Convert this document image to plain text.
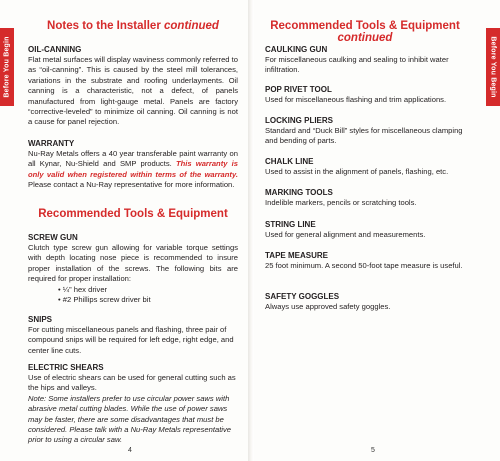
Before You Begin	Before You Begin
Notes to the Installer continued

OIL-CANNING

Flat metal surfaces will display waviness commonly referred to as “oil-canning”. This is caused by the steel mill tolerances, variations in the substrate and roofing underlayments. Oil canning is a characteristic, not a defect, of panels manufactured from light-gauge metal. Panels are factory “corrective-leveled” to minimize oil canning. Oil canning is not a cause for panel rejection.

WARRANTY

Nu-Ray Metals offers a 40 year transferable paint warranty on all Kynar, Nu-Shield and SMP products. This warranty is only valid when registered within terms of the warranty. Please contact a Nu-Ray representative for more information.

Recommended Tools & Equipment

SCREW GUN

Clutch type screw gun allowing for variable torque settings with depth locating nose piece is recommended to insure proper installation of the screws. The following bits are required for proper installation:

• ¼” hex driver

• #2 Phillips screw driver bit

SNIPS

For cutting miscellaneous panels and flashing, three pair of compound snips will be required for left edge, right edge, and center line cuts.

ELECTRIC SHEARS

Use of electric shears can be used for general cutting such as the hips and valleys.

Note: Some installers prefer to use circular power saws with abrasive metal cutting blades. While the use of power saws may be faster, there are some disadvantages that must be considered. Please talk with a Nu-Ray Metals representative prior to using a circular saw.

4
Recommended Tools & Equipment continued

CAULKING GUN

For miscellaneous caulking and sealing to inhibit water infiltration.

POP RIVET TOOL

Used for miscellaneous flashing and trim applications.

LOCKING PLIERS

Standard and “Duck Bill” styles for miscellaneous clamping and bending of parts.

CHALK LINE

Used to assist in the alignment of panels, flashing, etc.

MARKING TOOLS

Indelible markers, pencils or scratching tools.

STRING LINE

Used for general alignment and measurements.

TAPE MEASURE

25 foot minimum. A second 50-foot tape measure is useful.

SAFETY GOGGLES

Always use approved safety goggles.

5
